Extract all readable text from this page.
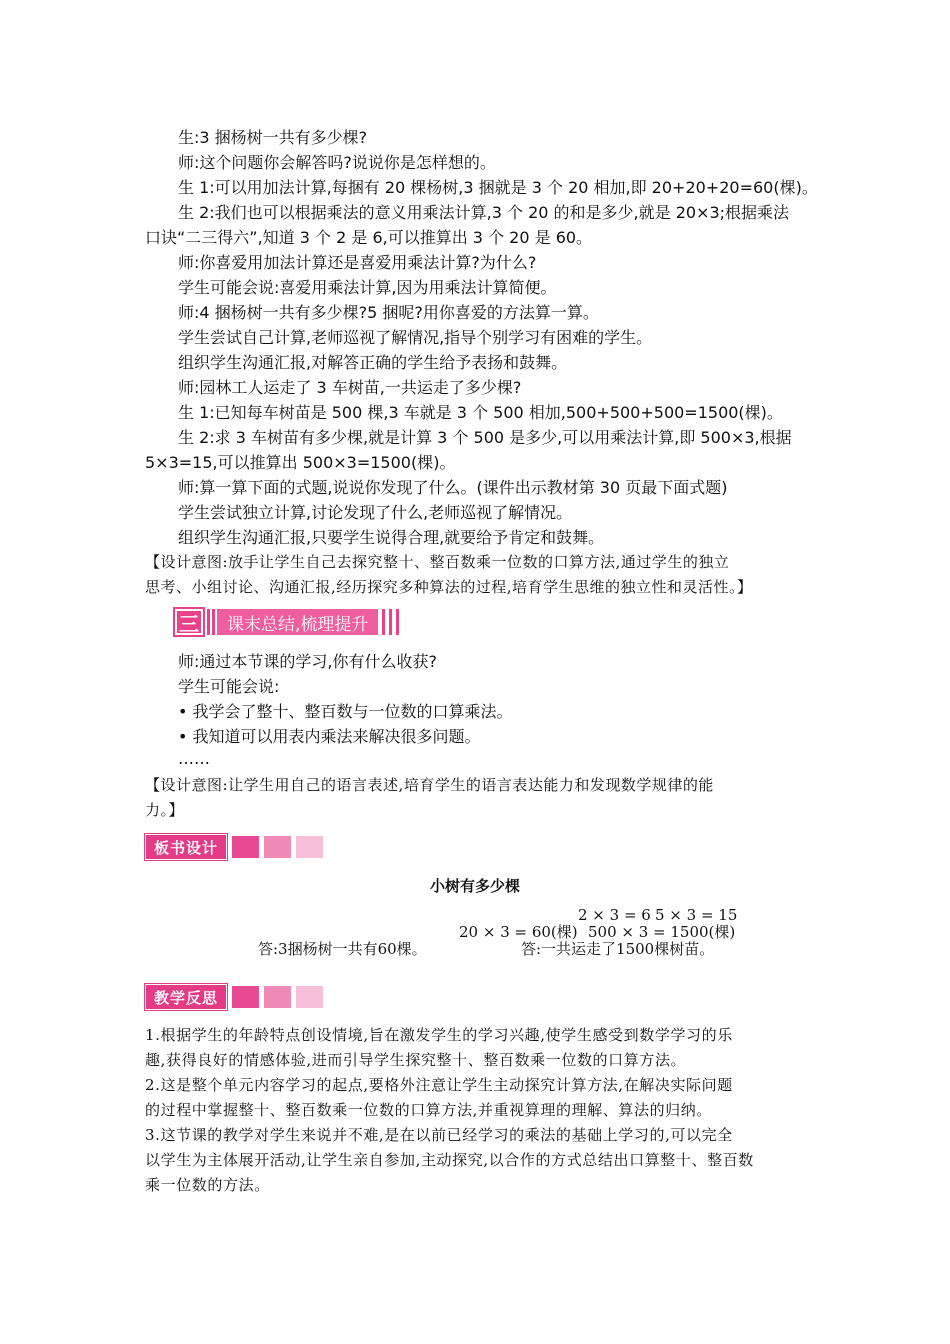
生:3 捆杨树一共有多少棵?
师:这个问题你会解答吗?说说你是怎样想的。
生 1:可以用加法计算,每捆有 20 棵杨树,3 捆就是 3 个 20 相加,即 20+20+20=60(棵)。
生 2:我们也可以根据乘法的意义用乘法计算,3 个 20 的和是多少,就是 20×3;根据乘法
口诀“二三得六”,知道 3 个 2 是 6,可以推算出 3 个 20 是 60。
师:你喜爱用加法计算还是喜爱用乘法计算?为什么?
学生可能会说:喜爱用乘法计算,因为用乘法计算简便。
师:4 捆杨树一共有多少棵?5 捆呢?用你喜爱的方法算一算。
学生尝试自己计算,老师巡视了解情况,指导个别学习有困难的学生。
组织学生沟通汇报,对解答正确的学生给予表扬和鼓舞。
师:园林工人运走了 3 车树苗,一共运走了多少棵?
生 1:已知每车树苗是 500 棵,3 车就是 3 个 500 相加,500+500+500=1500(棵)。
生 2:求 3 车树苗有多少棵,就是计算 3 个 500 是多少,可以用乘法计算,即 500×3,根据
5×3=15,可以推算出 500×3=1500(棵)。
师:算一算下面的式题,说说你发现了什么。(课件出示教材第 30 页最下面式题)
学生尝试独立计算,讨论发现了什么,老师巡视了解情况。
组织学生沟通汇报,只要学生说得合理,就要给予肯定和鼓舞。
【设计意图:放手让学生自己去探究整十、整百数乘一位数的口算方法,通过学生的独立
思考、小组讨论、沟通汇报,经历探究多种算法的过程,培育学生思维的独立性和灵活性。】
三	课末总结,梳理提升
师:通过本节课的学习,你有什么收获?
学生可能会说:
• 我学会了整十、整百数与一位数的口算乘法。
• 我知道可以用表内乘法来解决很多问题。
……
【设计意图:让学生用自己的语言表述,培育学生的语言表达能力和发现数学规律的能
力。】
板书设计
小树有多少棵
2 × 3 = 6 5 × 3 = 15
20 × 3 = 60(棵) 500 × 3 = 1500(棵)
答:3捆杨树一共有60棵。	答:一共运走了1500棵树苗。
教学反思
1.根据学生的年龄特点创设情境,旨在激发学生的学习兴趣,使学生感受到数学学习的乐
趣,获得良好的情感体验,进而引导学生探究整十、整百数乘一位数的口算方法。
2.这是整个单元内容学习的起点,要格外注意让学生主动探究计算方法,在解决实际问题
的过程中掌握整十、整百数乘一位数的口算方法,并重视算理的理解、算法的归纳。
3.这节课的教学对学生来说并不难,是在以前已经学习的乘法的基础上学习的,可以完全
以学生为主体展开活动,让学生亲自参加,主动探究,以合作的方式总结出口算整十、整百数
乘一位数的方法。
